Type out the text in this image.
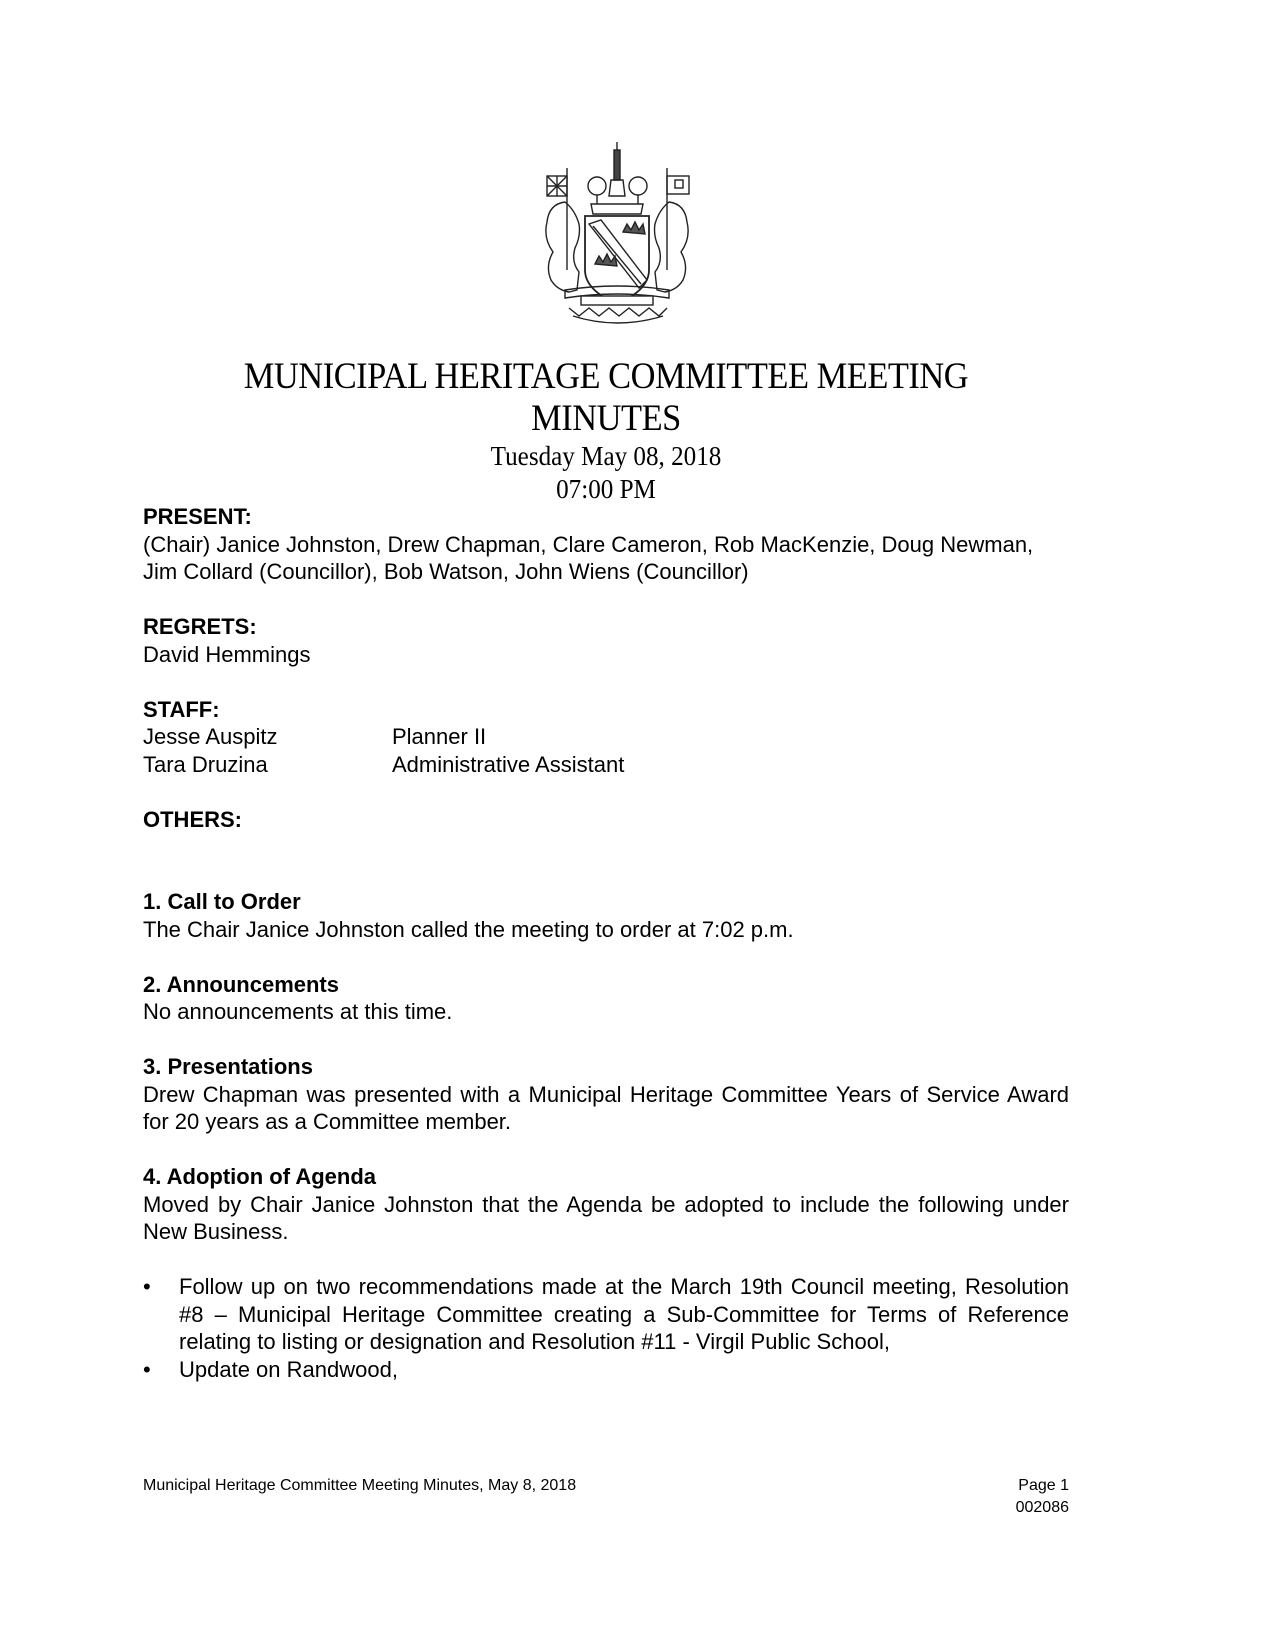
MUNICIPAL HERITAGE COMMITTEE MEETING
MINUTES
Tuesday May 08, 2018
07:00 PM
PRESENT:
(Chair) Janice Johnston, Drew Chapman, Clare Cameron, Rob MacKenzie, Doug Newman,
Jim Collard (Councillor), Bob Watson, John Wiens (Councillor)
REGRETS:
David Hemmings
STAFF:
Jesse Auspitz	Planner II
Tara Druzina	Administrative Assistant
OTHERS:
1. Call to Order
The Chair Janice Johnston called the meeting to order at 7:02 p.m.
2. Announcements
No announcements at this time.
3. Presentations
Drew Chapman was presented with a Municipal Heritage Committee Years of Service Award for 20 years as a Committee member.
4. Adoption of Agenda
Moved by Chair Janice Johnston that the Agenda be adopted to include the following under New Business.
• Follow up on two recommendations made at the March 19th Council meeting, Resolution #8 – Municipal Heritage Committee creating a Sub-Committee for Terms of Reference relating to listing or designation and Resolution #11 - Virgil Public School,
• Update on Randwood,
Municipal Heritage Committee Meeting Minutes, May 8, 2018	Page 1
002086
